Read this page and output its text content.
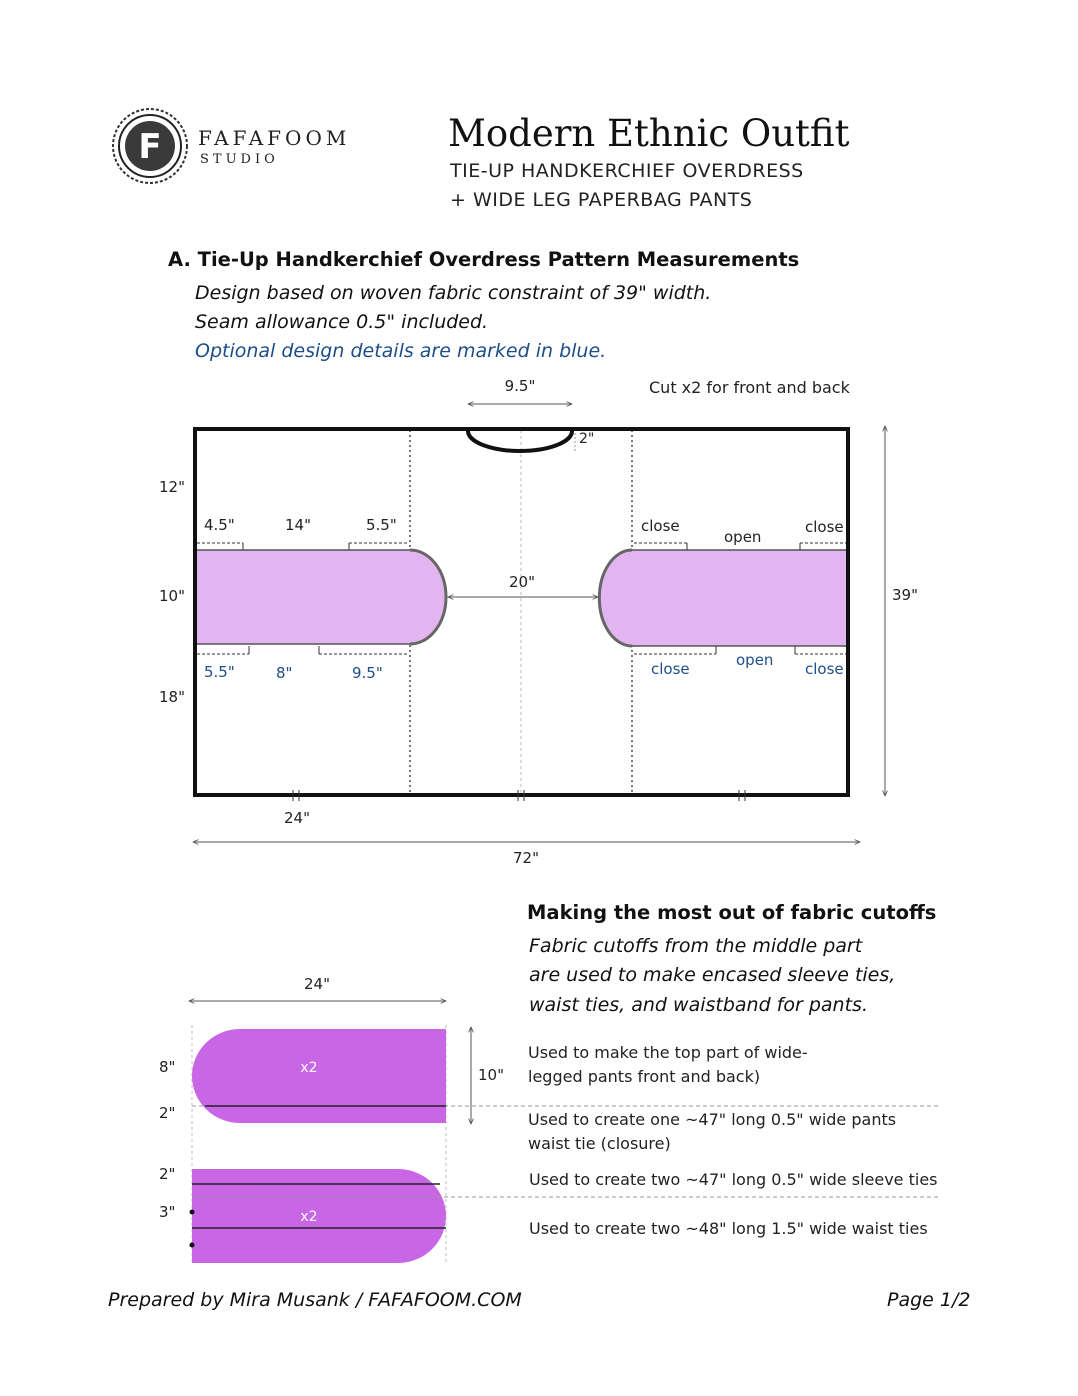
F FAFAFOOM
STUDIO
Modern Ethnic Outfit
TIE-UP HANDKERCHIEF OVERDRESS
+ WIDE LEG PAPERBAG PANTS
A. Tie-Up Handkerchief Overdress Pattern Measurements
Design based on woven fabric constraint of 39" width.
Seam allowance 0.5" included.
Optional design details are marked in blue.
9.5"	Cut x2 for front and back
2"
12"
10"
18"
39"
4.5"	14"	5.5"
5.5"	8"	9.5"
close
open
close
close	open close
20"
24"
72"
Making the most out of fabric cutoffs
Fabric cutoffs from the middle part
are used to make encased sleeve ties,
waist ties, and waistband for pants.
24"
x2	10"
8"
2"
2"
3"	x2
Used to make the top part of wide-
legged pants front and back)
Used to create one ~47" long 0.5" wide pants
waist tie (closure)
Used to create two ~47" long 0.5" wide sleeve ties
Used to create two ~48" long 1.5" wide waist ties
Prepared by Mira Musank / FAFAFOOM.COM	Page 1/2
